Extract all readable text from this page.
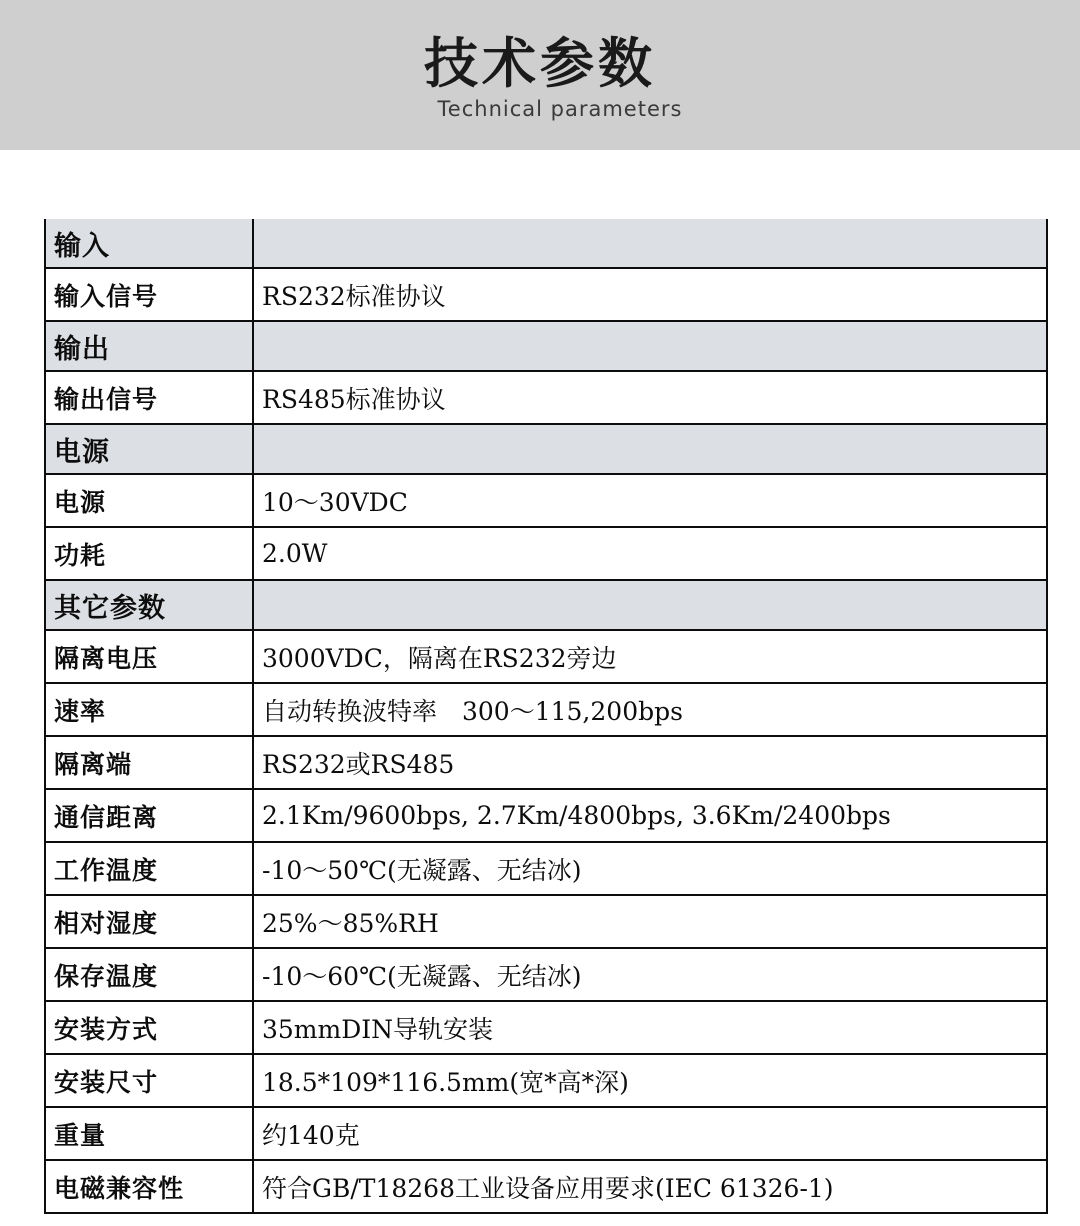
技术参数
Technical parameters
输入	
输入信号	RS232标准协议
输出	
输出信号	RS485标准协议
电源	
电源	10～30VDC
功耗	2.0W
其它参数	
隔离电压	3000VDC，隔离在RS232旁边
速率	自动转换波特率　300～115,200bps
隔离端	RS232或RS485
通信距离	2.1Km/9600bps, 2.7Km/4800bps, 3.6Km/2400bps
工作温度	-10～50℃(无凝露、无结冰)
相对湿度	25%～85%RH
保存温度	-10～60℃(无凝露、无结冰)
安装方式	35mmDIN导轨安装
安装尺寸	18.5*109*116.5mm(宽*高*深)
重量	约140克
电磁兼容性	符合GB/T18268工业设备应用要求(IEC 61326-1)
